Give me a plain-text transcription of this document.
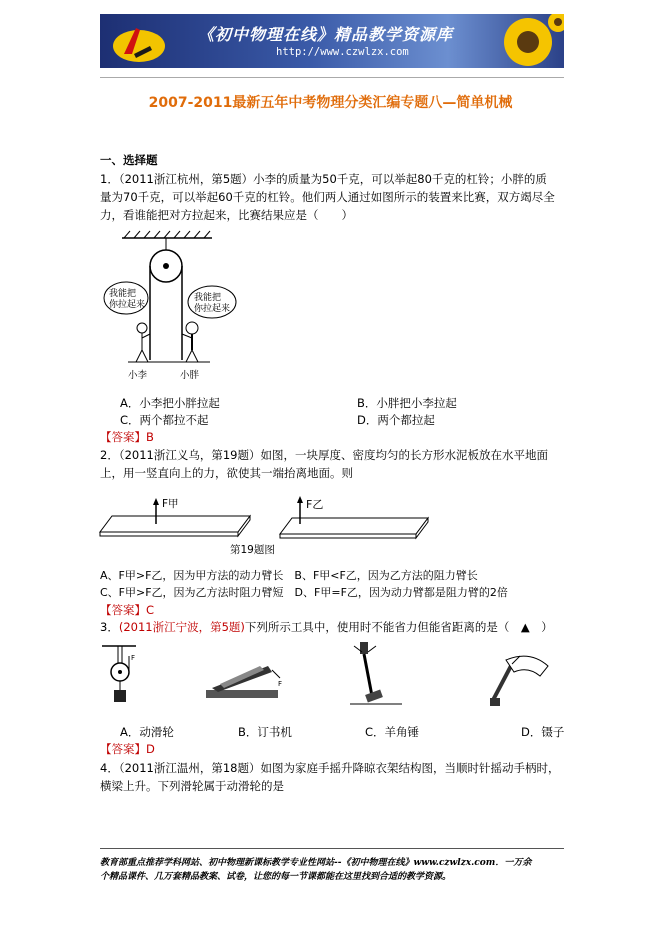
《初中物理在线》精品教学资源库
http://www.czwlzx.com
2007-2011最新五年中考物理分类汇编专题八—简单机械
一、选择题
1．（2011浙江杭州，第5题）小李的质量为50千克，可以举起80千克的杠铃；小胖的质
量为70千克，可以举起60千克的杠铃。他们两人通过如图所示的装置来比赛，双方竭尽全
力，看谁能把对方拉起来，比赛结果应是（　　）
我能把
你拉起来
我能把
你拉起来
小李	小胖
A．小李把小胖拉起	B．小胖把小李拉起
C．两个都拉不起	D．两个都拉起
【答案】B
2．（2011浙江义乌，第19题）如图，一块厚度、密度均匀的长方形水泥板放在水平地面
上，用一竖直向上的力，欲使其一端抬离地面。则
F甲	F乙
第19题图
A、F甲>F乙，因为甲方法的动力臂长　B、F甲<F乙，因为乙方法的阻力臂长
C、F甲>F乙，因为乙方法时阻力臂短　D、F甲=F乙，因为动力臂都是阻力臂的2倍
【答案】C
3．(2011浙江宁波，第5题)下列所示工具中，使用时不能省力但能省距离的是（　▲　）
F
F
A．动滑轮	B．订书机	C．羊角锤	D．镊子
【答案】D
4．（2011浙江温州，第18题）如图为家庭手摇升降晾衣架结构图，当顺时针摇动手柄时，
横梁上升。下列滑轮属于动滑轮的是
教育部重点推荐学科网站、初中物理新课标教学专业性网站--《初中物理在线》www.czwlzx.com．一万余
个精品课件、几万套精品教案、试卷，让您的每一节课都能在这里找到合适的教学资源。
